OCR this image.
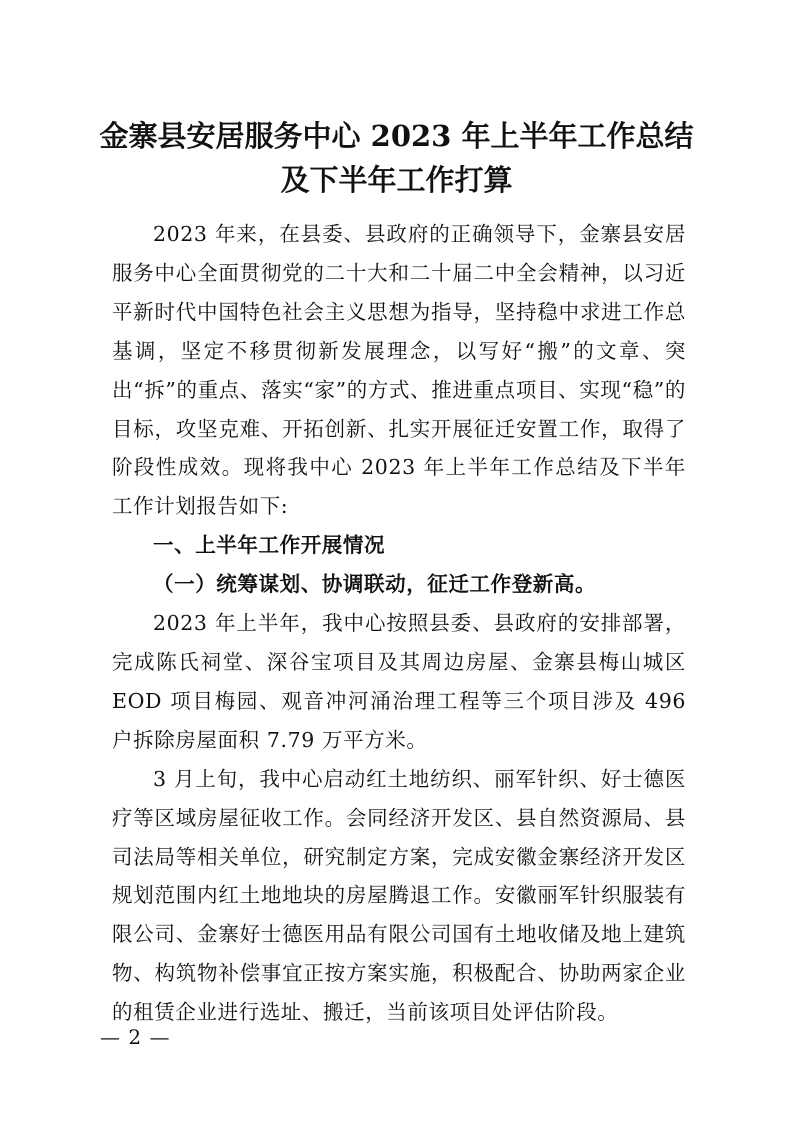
金寨县安居服务中心 2023 年上半年工作总结
及下半年工作打算

2023 年来，在县委、县政府的正确领导下，金寨县安居服务中心全面贯彻党的二十大和二十届二中全会精神，以习近平新时代中国特色社会主义思想为指导，坚持稳中求进工作总基调，坚定不移贯彻新发展理念，以写好“搬”的文章、突出“拆”的重点、落实“家”的方式、推进重点项目、实现“稳”的目标，攻坚克难、开拓创新、扎实开展征迁安置工作，取得了阶段性成效。现将我中心 2023 年上半年工作总结及下半年工作计划报告如下:

一、上半年工作开展情况

（一）统筹谋划、协调联动，征迁工作登新高。

2023 年上半年，我中心按照县委、县政府的安排部署，完成陈氏祠堂、深谷宝项目及其周边房屋、金寨县梅山城区 EOD 项目梅园、观音冲河涌治理工程等三个项目涉及 496 户拆除房屋面积 7.79 万平方米。

3 月上旬，我中心启动红土地纺织、丽军针织、好士德医疗等区域房屋征收工作。会同经济开发区、县自然资源局、县司法局等相关单位，研究制定方案，完成安徽金寨经济开发区规划范围内红土地地块的房屋腾退工作。安徽丽军针织服装有限公司、金寨好士德医用品有限公司国有土地收储及地上建筑物、构筑物补偿事宜正按方案实施，积极配合、协助两家企业的租赁企业进行选址、搬迁，当前该项目处评估阶段。

— 2 —
